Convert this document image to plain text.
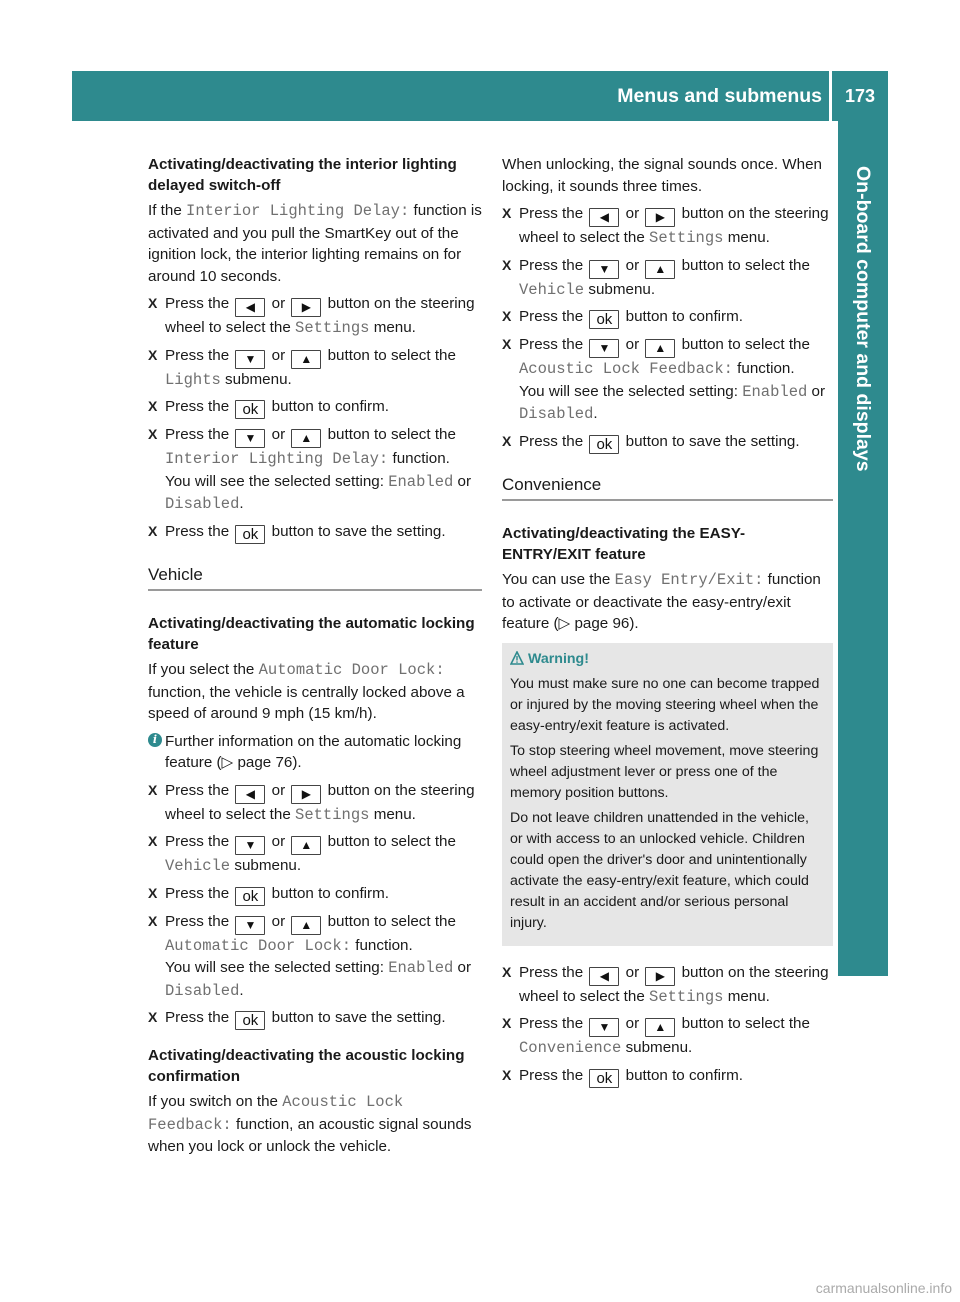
Menus and submenus	173
On-board computer and displays
Activating/deactivating the interior lighting delayed switch-off

If the Interior Lighting Delay: function is activated and you pull the SmartKey out of the ignition lock, the interior lighting remains on for around 10 seconds.

X Press the ◀ or ▶ button on the steering wheel to select the Settings menu.
X Press the ▼ or ▲ button to select the Lights submenu.
X Press the ok button to confirm.
X Press the ▼ or ▲ button to select the Interior Lighting Delay: function.
You will see the selected setting: Enabled or Disabled.
X Press the ok button to save the setting.
Vehicle
Activating/deactivating the automatic locking feature

If you select the Automatic Door Lock: function, the vehicle is centrally locked above a speed of around 9 mph (15 km/h).

i Further information on the automatic locking feature (▷ page 76).
X Press the ◀ or ▶ button on the steering wheel to select the Settings menu.
X Press the ▼ or ▲ button to select the Vehicle submenu.
X Press the ok button to confirm.
X Press the ▼ or ▲ button to select the Automatic Door Lock: function.
You will see the selected setting: Enabled or Disabled.
X Press the ok button to save the setting.
Activating/deactivating the acoustic locking confirmation

If you switch on the Acoustic Lock Feedback: function, an acoustic signal sounds when you lock or unlock the vehicle.

When unlocking, the signal sounds once. When locking, it sounds three times.

X Press the ◀ or ▶ button on the steering wheel to select the Settings menu.
X Press the ▼ or ▲ button to select the Vehicle submenu.
X Press the ok button to confirm.
X Press the ▼ or ▲ button to select the Acoustic Lock Feedback: function.
You will see the selected setting: Enabled or Disabled.
X Press the ok button to save the setting.
Convenience
Activating/deactivating the EASY-ENTRY/EXIT feature

You can use the Easy Entry/Exit: function to activate or deactivate the easy-entry/exit feature (▷ page 96).

Warning!

You must make sure no one can become trapped or injured by the moving steering wheel when the easy-entry/exit feature is activated.

To stop steering wheel movement, move steering wheel adjustment lever or press one of the memory position buttons.

Do not leave children unattended in the vehicle, or with access to an unlocked vehicle. Children could open the driver's door and unintentionally activate the easy-entry/exit feature, which could result in an accident and/or serious personal injury.

X Press the ◀ or ▶ button on the steering wheel to select the Settings menu.
X Press the ▼ or ▲ button to select the Convenience submenu.
X Press the ok button to confirm.
carmanualsonline.info
